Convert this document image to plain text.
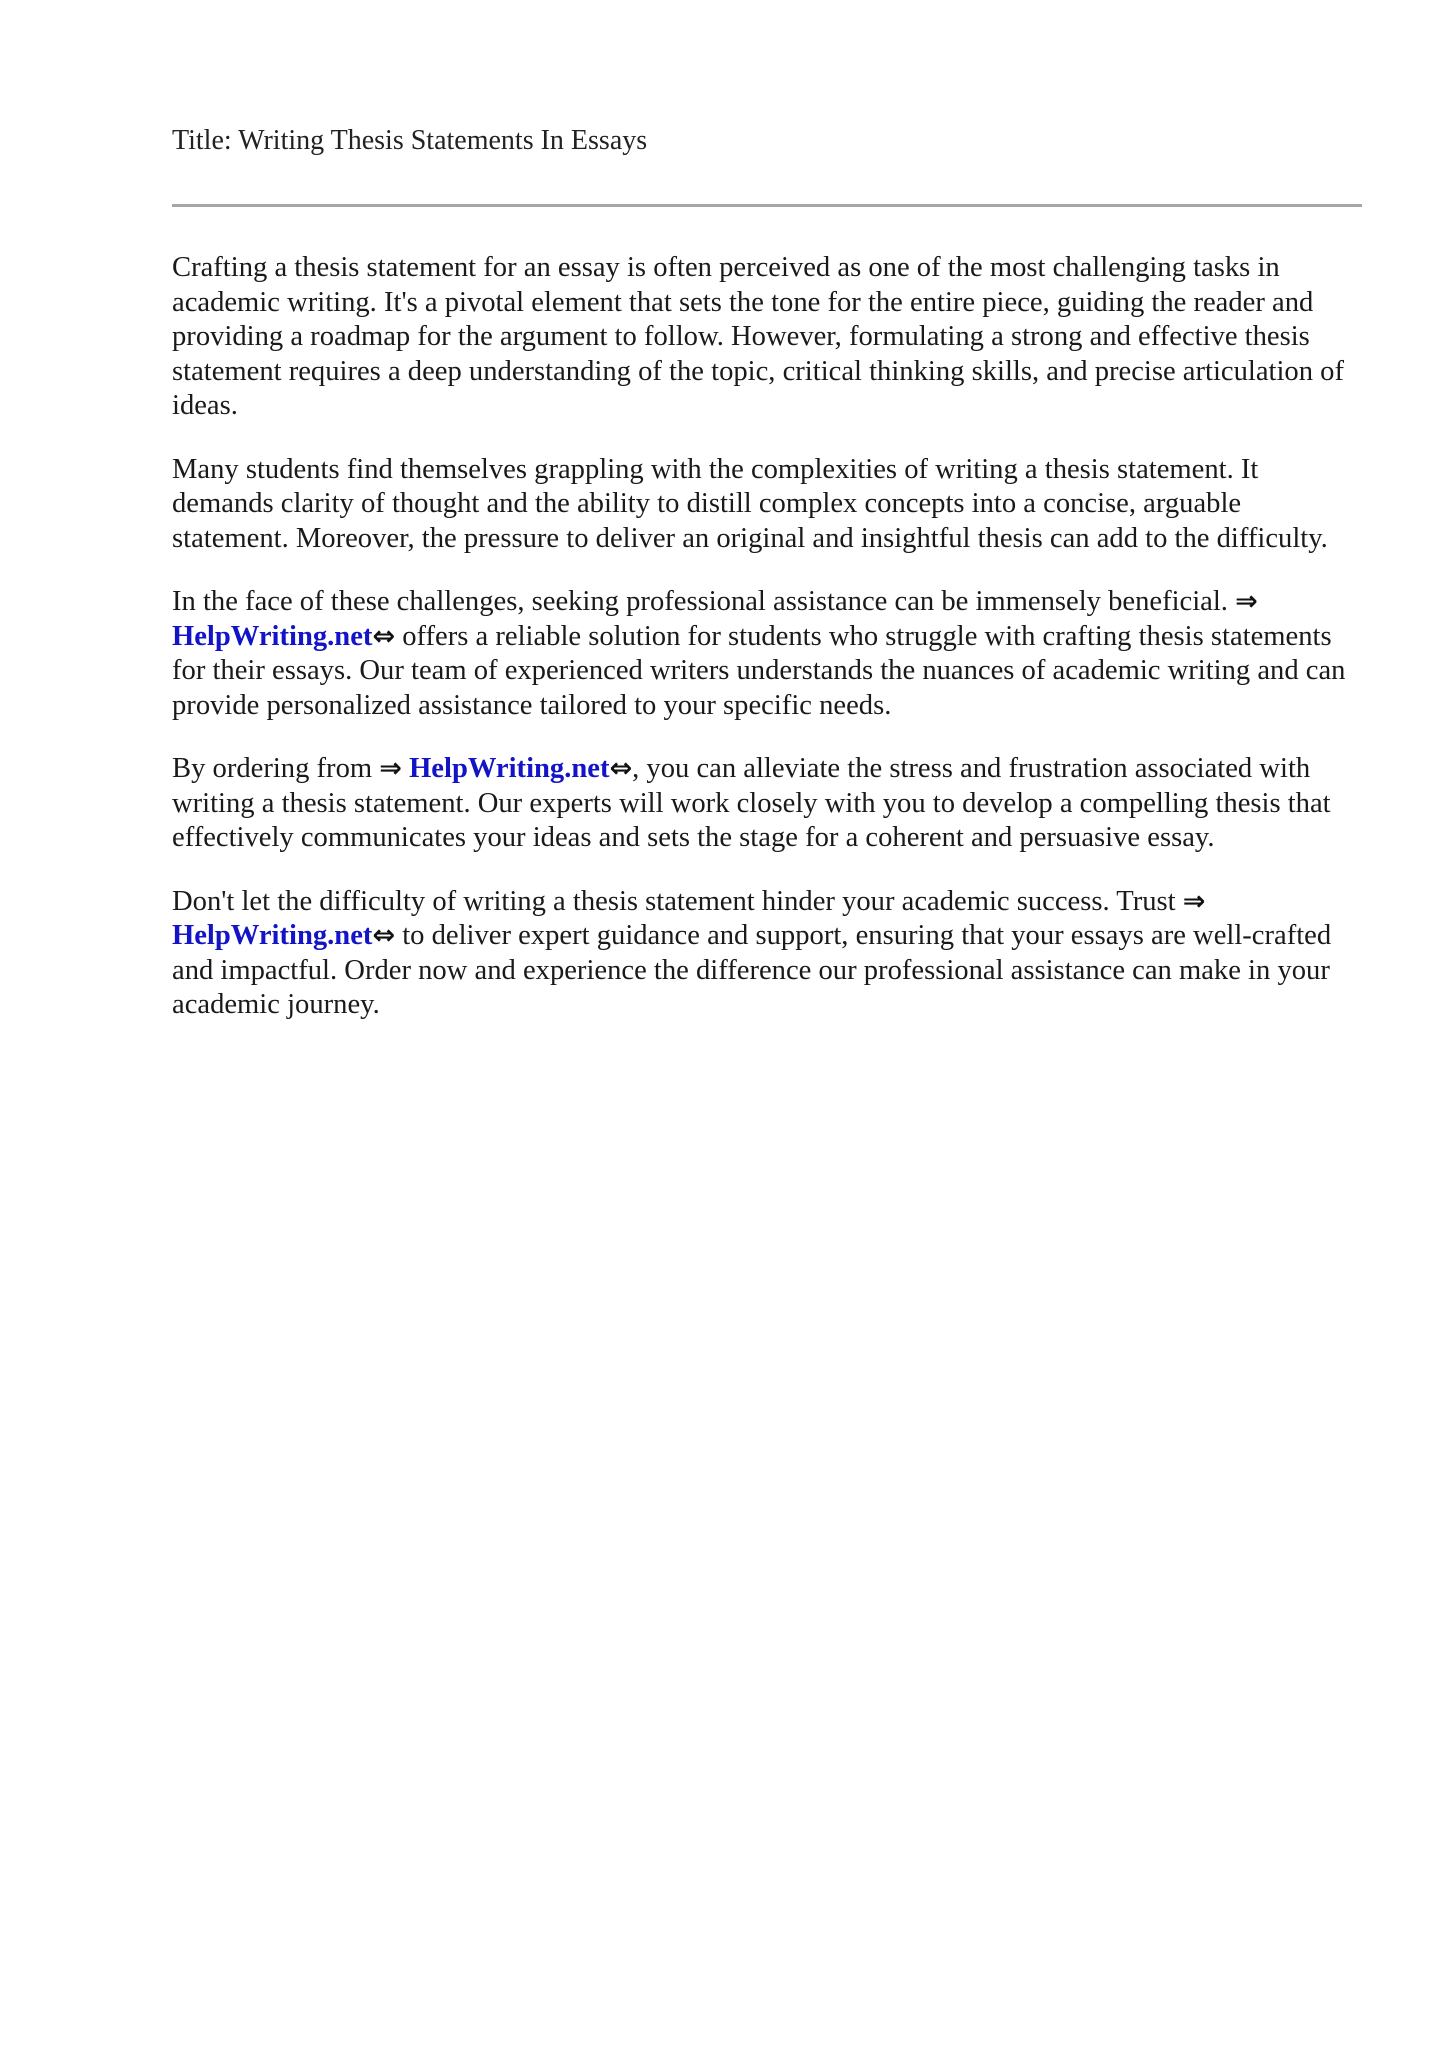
Title: Writing Thesis Statements In Essays

Crafting a thesis statement for an essay is often perceived as one of the most challenging tasks in academic writing. It's a pivotal element that sets the tone for the entire piece, guiding the reader and providing a roadmap for the argument to follow. However, formulating a strong and effective thesis statement requires a deep understanding of the topic, critical thinking skills, and precise articulation of ideas.

Many students find themselves grappling with the complexities of writing a thesis statement. It demands clarity of thought and the ability to distill complex concepts into a concise, arguable statement. Moreover, the pressure to deliver an original and insightful thesis can add to the difficulty.

In the face of these challenges, seeking professional assistance can be immensely beneficial. ⇒ HelpWriting.net⇔ offers a reliable solution for students who struggle with crafting thesis statements for their essays. Our team of experienced writers understands the nuances of academic writing and can provide personalized assistance tailored to your specific needs.

By ordering from ⇒ HelpWriting.net⇔, you can alleviate the stress and frustration associated with writing a thesis statement. Our experts will work closely with you to develop a compelling thesis that effectively communicates your ideas and sets the stage for a coherent and persuasive essay.

Don't let the difficulty of writing a thesis statement hinder your academic success. Trust ⇒ HelpWriting.net⇔ to deliver expert guidance and support, ensuring that your essays are well-crafted and impactful. Order now and experience the difference our professional assistance can make in your academic journey.
